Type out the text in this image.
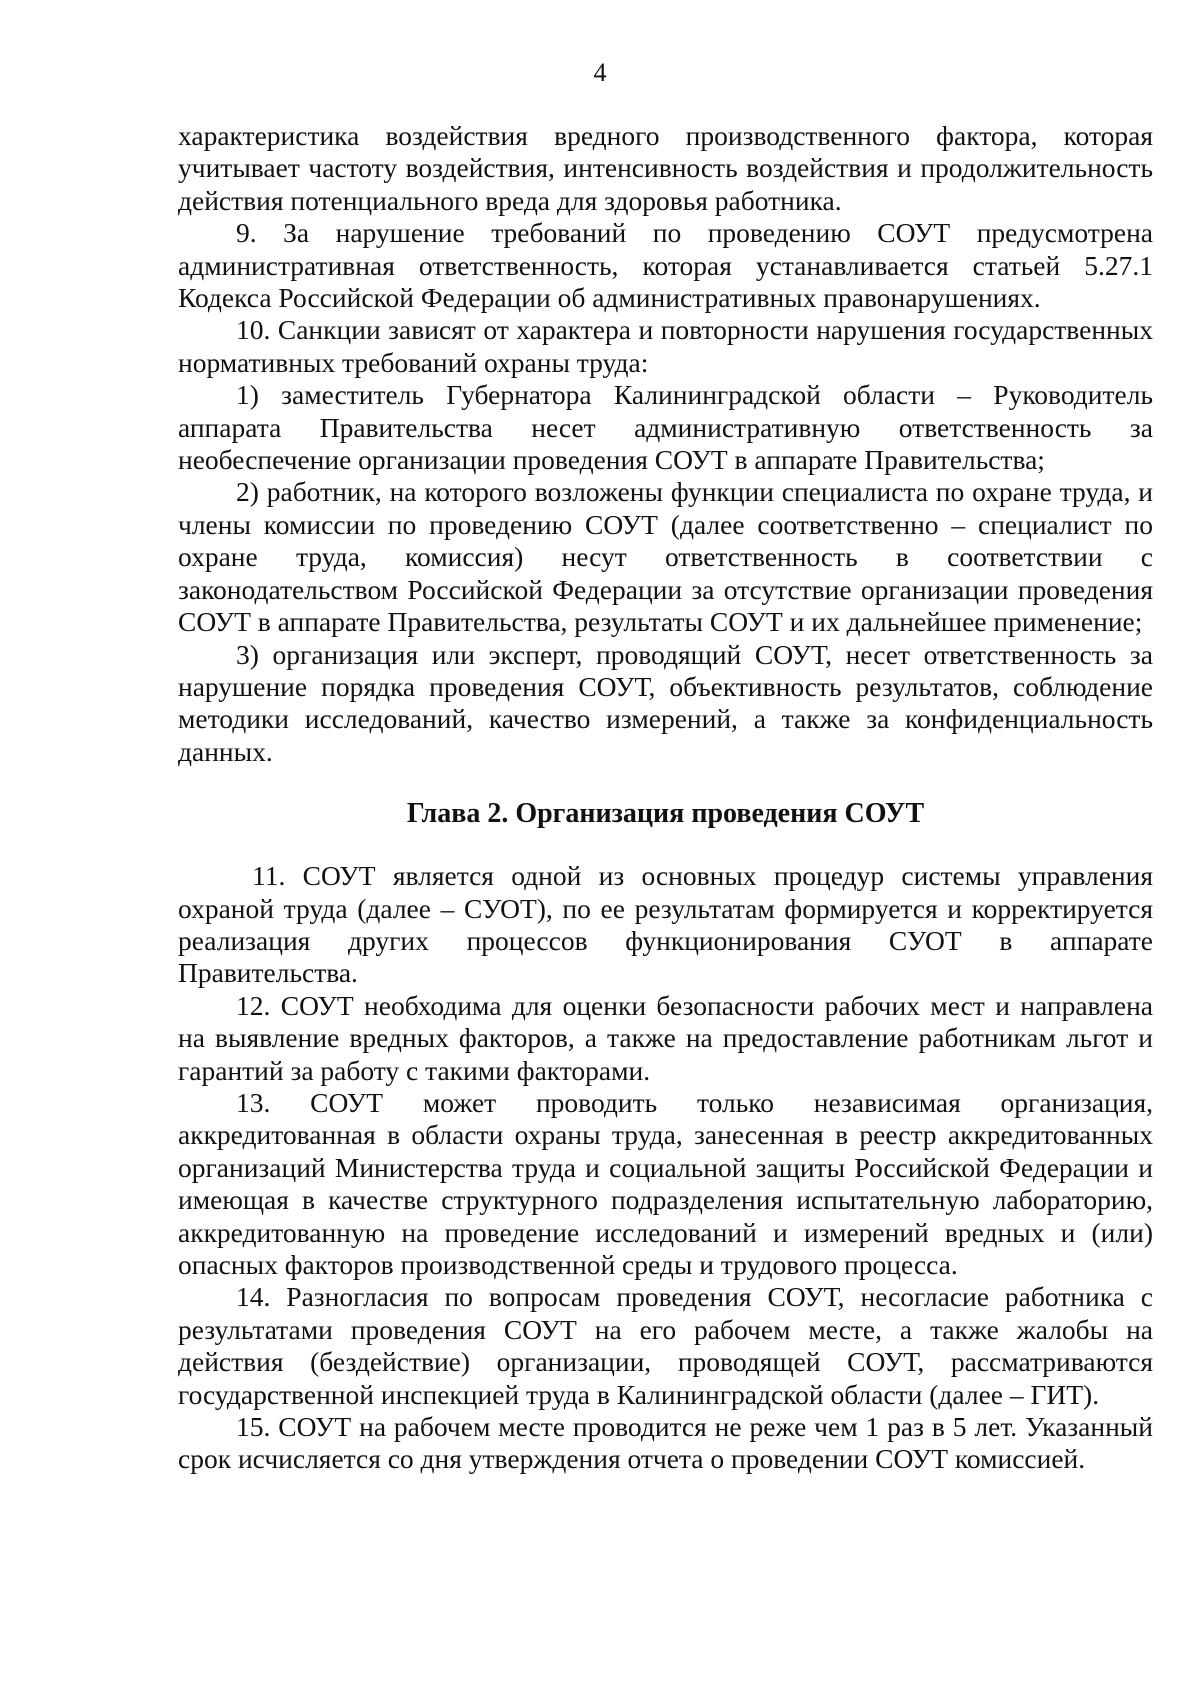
4

характеристика воздействия вредного производственного фактора, которая учитывает частоту воздействия, интенсивность воздействия и продолжительность действия потенциального вреда для здоровья работника.

9. За нарушение требований по проведению СОУТ предусмотрена административная ответственность, которая устанавливается статьей 5.27.1 Кодекса Российской Федерации об административных правонарушениях.

10. Санкции зависят от характера и повторности нарушения государственных нормативных требований охраны труда:

1) заместитель Губернатора Калининградской области – Руководитель аппарата Правительства несет административную ответственность за необеспечение организации проведения СОУТ в аппарате Правительства;

2) работник, на которого возложены функции специалиста по охране труда, и члены комиссии по проведению СОУТ (далее соответственно – специалист по охране труда, комиссия) несут ответственность в соответствии с законодательством Российской Федерации за отсутствие организации проведения СОУТ в аппарате Правительства, результаты СОУТ и их дальнейшее применение;

3) организация или эксперт, проводящий СОУТ, несет ответственность за нарушение порядка проведения СОУТ, объективность результатов, соблюдение методики исследований, качество измерений, а также за конфиденциальность данных.

Глава 2. Организация проведения СОУТ

11. СОУТ является одной из основных процедур системы управления охраной труда (далее – СУОТ), по ее результатам формируется и корректируется реализация других процессов функционирования СУОТ в аппарате Правительства.

12. СОУТ необходима для оценки безопасности рабочих мест и направлена на выявление вредных факторов, а также на предоставление работникам льгот и гарантий за работу с такими факторами.

13. СОУТ может проводить только независимая организация, аккредитованная в области охраны труда, занесенная в реестр аккредитованных организаций Министерства труда и социальной защиты Российской Федерации и имеющая в качестве структурного подразделения испытательную лабораторию, аккредитованную на проведение исследований и измерений вредных и (или) опасных факторов производственной среды и трудового процесса.

14. Разногласия по вопросам проведения СОУТ, несогласие работника с результатами проведения СОУТ на его рабочем месте, а также жалобы на действия (бездействие) организации, проводящей СОУТ, рассматриваются государственной инспекцией труда в Калининградской области (далее – ГИТ).

15. СОУТ на рабочем месте проводится не реже чем 1 раз в 5 лет. Указанный срок исчисляется со дня утверждения отчета о проведении СОУТ комиссией.
